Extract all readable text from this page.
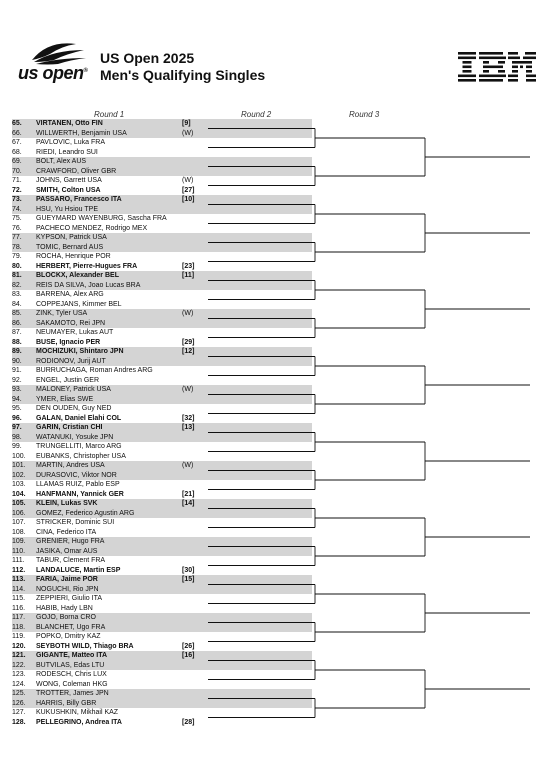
us open®
US Open 2025
Men's Qualifying Singles
Round 1	Round 2	Round 3
65.	VIRTANEN, Otto FIN	[9]
66.	WILLWERTH, Benjamin USA	(W)
67.	PAVLOVIC, Luka FRA
68.	RIEDI, Leandro SUI
69.	BOLT, Alex AUS
70.	CRAWFORD, Oliver GBR
71.	JOHNS, Garrett USA	(W)
72.	SMITH, Colton USA	[27]
73.	PASSARO, Francesco ITA	[10]
74.	HSU, Yu Hsiou TPE
75.	GUEYMARD WAYENBURG, Sascha FRA
76.	PACHECO MENDEZ, Rodrigo MEX
77.	KYPSON, Patrick USA
78.	TOMIC, Bernard AUS
79.	ROCHA, Henrique POR
80.	HERBERT, Pierre-Hugues FRA	[23]
81.	BLOCKX, Alexander BEL	[11]
82.	REIS DA SILVA, Joao Lucas BRA
83.	BARRENA, Alex ARG
84.	COPPEJANS, Kimmer BEL
85.	ZINK, Tyler USA	(W)
86.	SAKAMOTO, Rei JPN
87.	NEUMAYER, Lukas AUT
88.	BUSE, Ignacio PER	[29]
89.	MOCHIZUKI, Shintaro JPN	[12]
90.	RODIONOV, Jurij AUT
91.	BURRUCHAGA, Roman Andres ARG
92.	ENGEL, Justin GER
93.	MALONEY, Patrick USA	(W)
94.	YMER, Elias SWE
95.	DEN OUDEN, Guy NED
96.	GALAN, Daniel Elahi COL	[32]
97.	GARIN, Cristian CHI	[13]
98.	WATANUKI, Yosuke JPN
99.	TRUNGELLITI, Marco ARG
100.	EUBANKS, Christopher USA
101.	MARTIN, Andres USA	(W)
102.	DURASOVIC, Viktor NOR
103.	LLAMAS RUIZ, Pablo ESP
104.	HANFMANN, Yannick GER	[21]
105.	KLEIN, Lukas SVK	[14]
106.	GOMEZ, Federico Agustin ARG
107.	STRICKER, Dominic SUI
108.	CINA, Federico ITA
109.	GRENIER, Hugo FRA
110.	JASIKA, Omar AUS
111.	TABUR, Clement FRA
112.	LANDALUCE, Martin ESP	[30]
113.	FARIA, Jaime POR	[15]
114.	NOGUCHI, Rio JPN
115.	ZEPPIERI, Giulio ITA
116.	HABIB, Hady LBN
117.	GOJO, Borna CRO
118.	BLANCHET, Ugo FRA
119.	POPKO, Dmitry KAZ
120.	SEYBOTH WILD, Thiago BRA	[26]
121.	GIGANTE, Matteo ITA	[16]
122.	BUTVILAS, Edas LTU
123.	RODESCH, Chris LUX
124.	WONG, Coleman HKG
125.	TROTTER, James JPN
126.	HARRIS, Billy GBR
127.	KUKUSHKIN, Mikhail KAZ
128.	PELLEGRINO, Andrea ITA	[28]
